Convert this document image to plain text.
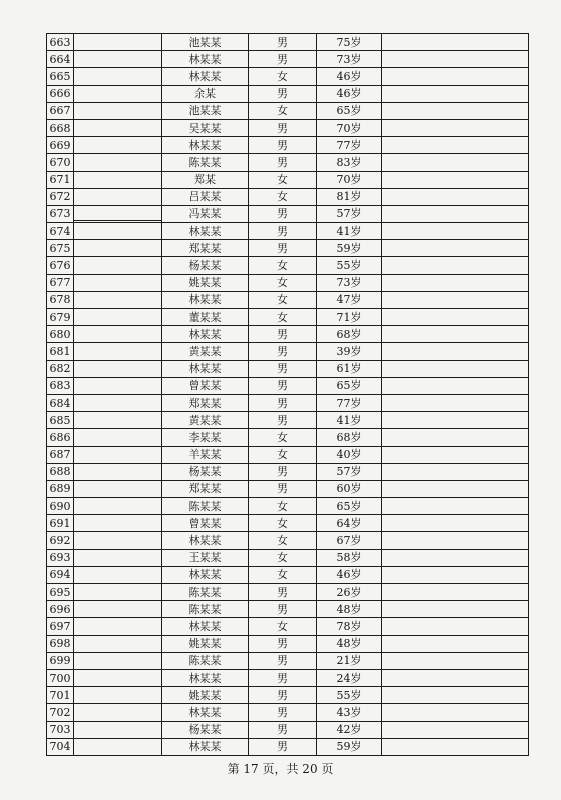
663		池某某	男	75岁	
664		林某某	男	73岁	
665		林某某	女	46岁	
666		余某	男	46岁	
667		池某某	女	65岁	
668		吴某某	男	70岁	
669		林某某	男	77岁	
670		陈某某	男	83岁	
671		郑某	女	70岁	
672		吕某某	女	81岁	
673		冯某某	男	57岁	
674		林某某	男	41岁	
675		郑某某	男	59岁	
676		杨某某	女	55岁	
677		姚某某	女	73岁	
678		林某某	女	47岁	
679		董某某	女	71岁	
680		林某某	男	68岁	
681		黄某某	男	39岁	
682		林某某	男	61岁	
683		曾某某	男	65岁	
684		郑某某	男	77岁	
685		黄某某	男	41岁	
686		李某某	女	68岁	
687		羊某某	女	40岁	
688		杨某某	男	57岁	
689		郑某某	男	60岁	
690		陈某某	女	65岁	
691		曾某某	女	64岁	
692		林某某	女	67岁	
693		王某某	女	58岁	
694		林某某	女	46岁	
695		陈某某	男	26岁	
696		陈某某	男	48岁	
697		林某某	女	78岁	
698		姚某某	男	48岁	
699		陈某某	男	21岁	
700		林某某	男	24岁	
701		姚某某	男	55岁	
702		林某某	男	43岁	
703		杨某某	男	42岁	
704		林某某	男	59岁	
第 17 页，共 20 页
